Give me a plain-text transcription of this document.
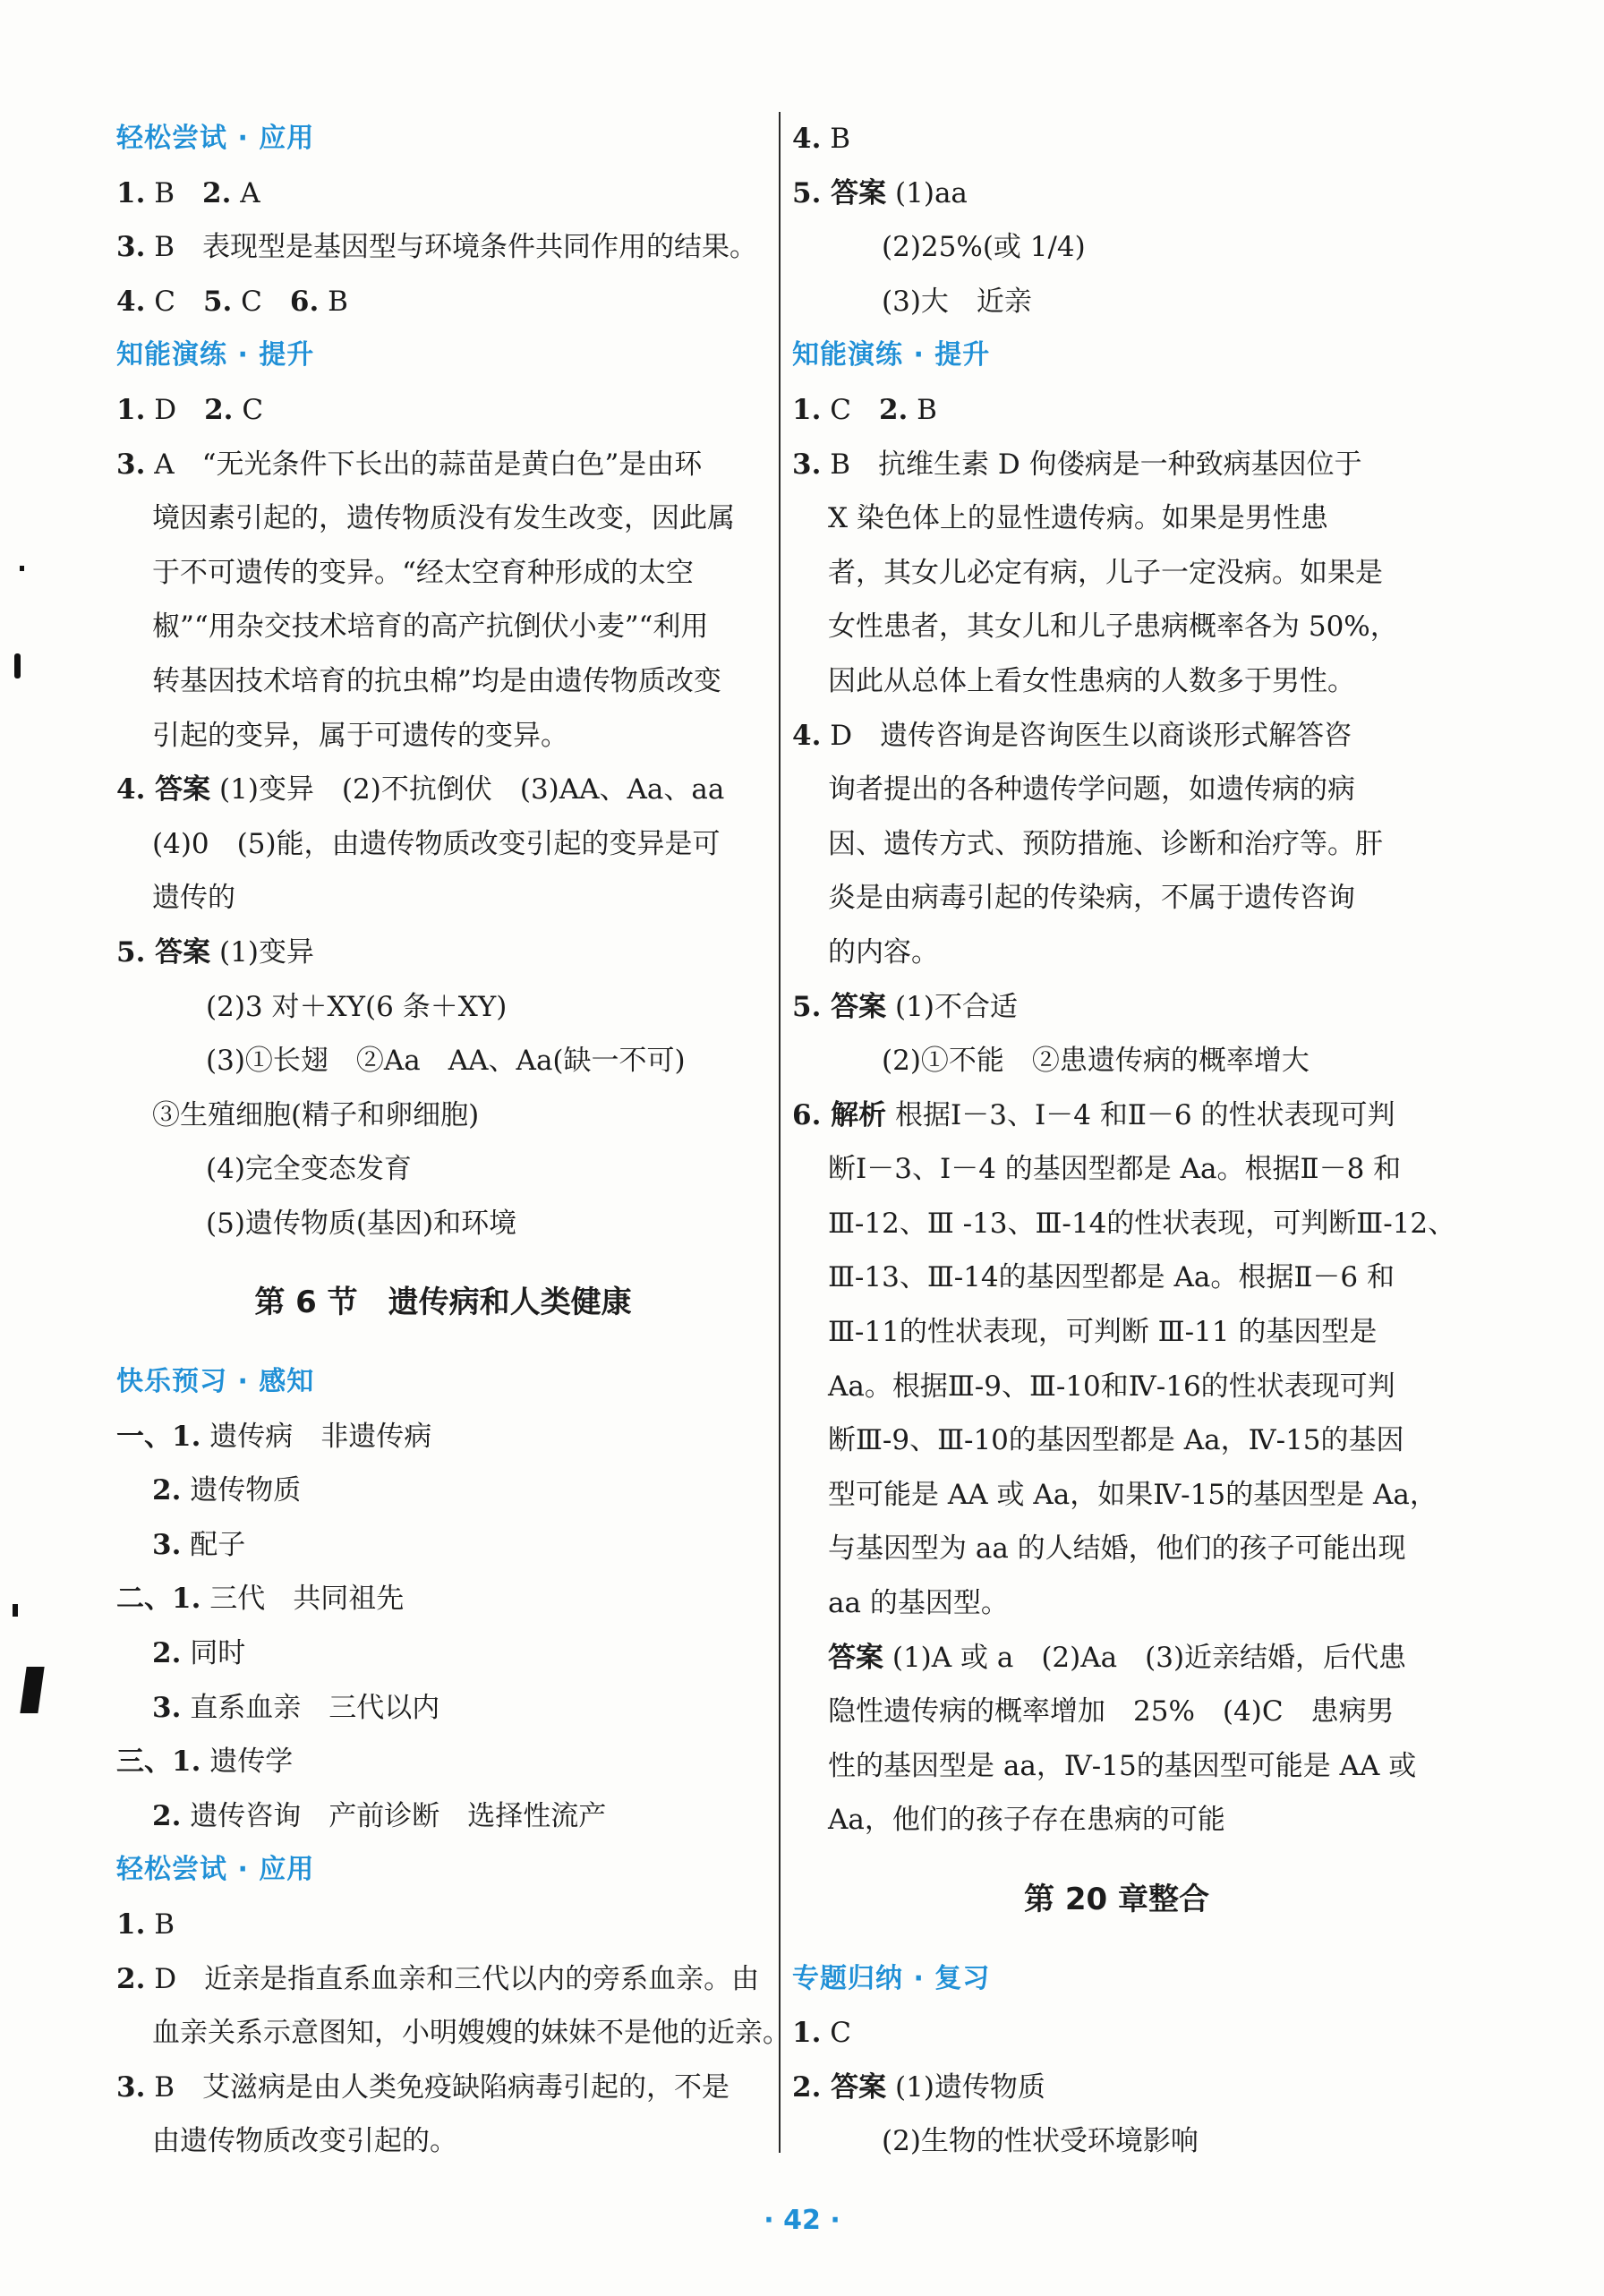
轻松尝试 · 应用
1. B　2. A
3. B　表现型是基因型与环境条件共同作用的结果。
4. C　5. C　6. B
知能演练 · 提升
1. D　2. C
3. A　“无光条件下长出的蒜苗是黄白色”是由环
境因素引起的，遗传物质没有发生改变，因此属
于不可遗传的变异。“经太空育种形成的太空
椒”“用杂交技术培育的高产抗倒伏小麦”“利用
转基因技术培育的抗虫棉”均是由遗传物质改变
引起的变异，属于可遗传的变异。
4. 答案 (1)变异　(2)不抗倒伏　(3)AA、Aa、aa
(4)0　(5)能，由遗传物质改变引起的变异是可
遗传的
5. 答案 (1)变异
(2)3 对＋XY(6 条＋XY)
(3)①长翅　②Aa　AA、Aa(缺一不可)
③生殖细胞(精子和卵细胞)
(4)完全变态发育
(5)遗传物质(基因)和环境
第 6 节　遗传病和人类健康
快乐预习 · 感知
一、1. 遗传病　非遗传病
2. 遗传物质
3. 配子
二、1. 三代　共同祖先
2. 同时
3. 直系血亲　三代以内
三、1. 遗传学
2. 遗传咨询　产前诊断　选择性流产
轻松尝试 · 应用
1. B
2. D　近亲是指直系血亲和三代以内的旁系血亲。由
血亲关系示意图知，小明嫂嫂的妹妹不是他的近亲。
3. B　艾滋病是由人类免疫缺陷病毒引起的，不是
由遗传物质改变引起的。
4. B
5. 答案 (1)aa
(2)25%(或 1/4)
(3)大　近亲
知能演练 · 提升
1. C　2. B
3. B　抗维生素 D 佝偻病是一种致病基因位于
X 染色体上的显性遗传病。如果是男性患
者，其女儿必定有病，儿子一定没病。如果是
女性患者，其女儿和儿子患病概率各为 50%，
因此从总体上看女性患病的人数多于男性。
4. D　遗传咨询是咨询医生以商谈形式解答咨
询者提出的各种遗传学问题，如遗传病的病
因、遗传方式、预防措施、诊断和治疗等。肝
炎是由病毒引起的传染病，不属于遗传咨询
的内容。
5. 答案 (1)不合适
(2)①不能　②患遗传病的概率增大
6. 解析 根据Ⅰ－3、Ⅰ－4 和Ⅱ－6 的性状表现可判
断Ⅰ－3、Ⅰ－4 的基因型都是 Aa。根据Ⅱ－8 和
Ⅲ-12、Ⅲ -13、Ⅲ-14的性状表现，可判断Ⅲ-12、
Ⅲ-13、Ⅲ-14的基因型都是 Aa。根据Ⅱ－6 和
Ⅲ-11的性状表现，可判断 Ⅲ-11 的基因型是
Aa。根据Ⅲ-9、Ⅲ-10和Ⅳ-16的性状表现可判
断Ⅲ-9、Ⅲ-10的基因型都是 Aa，Ⅳ-15的基因
型可能是 AA 或 Aa，如果Ⅳ-15的基因型是 Aa，
与基因型为 aa 的人结婚，他们的孩子可能出现
aa 的基因型。
答案 (1)A 或 a　(2)Aa　(3)近亲结婚，后代患
隐性遗传病的概率增加　25%　(4)C　患病男
性的基因型是 aa，Ⅳ-15的基因型可能是 AA 或
Aa，他们的孩子存在患病的可能
第 20 章整合
专题归纳 · 复习
1. C
2. 答案 (1)遗传物质
(2)生物的性状受环境影响
· 42 ·
